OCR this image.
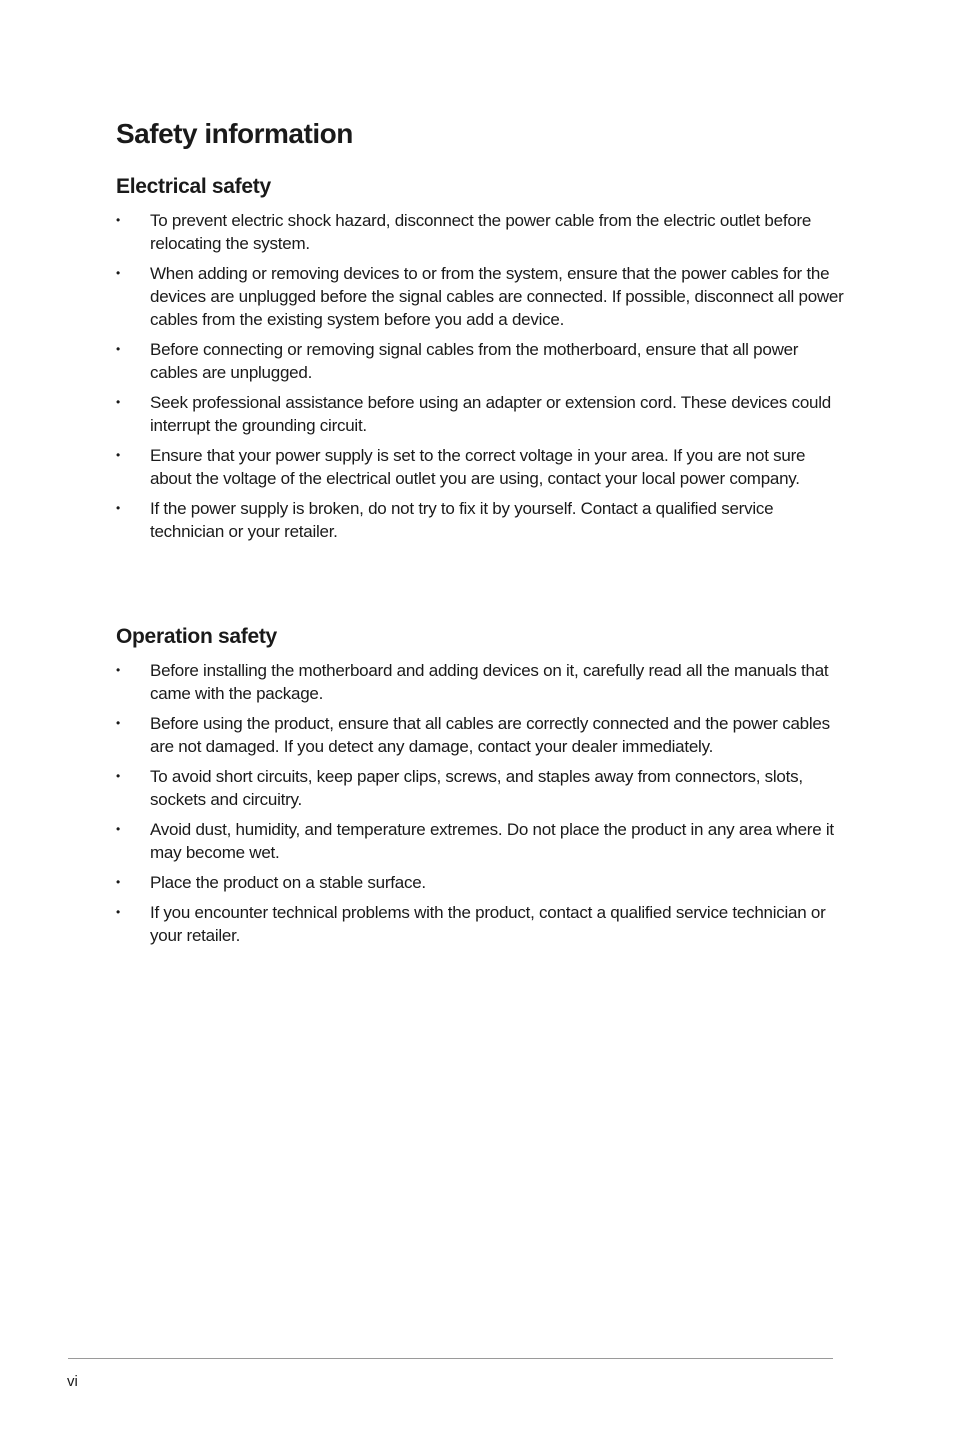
Safety information
Electrical safety
• To prevent electric shock hazard, disconnect the power cable from the electric outlet before relocating the system.
• When adding or removing devices to or from the system, ensure that the power cables for the devices are unplugged before the signal cables are connected. If possible, disconnect all power cables from the existing system before you add a device.
• Before connecting or removing signal cables from the motherboard, ensure that all power cables are unplugged.
• Seek professional assistance before using an adapter or extension cord. These devices could interrupt the grounding circuit.
• Ensure that your power supply is set to the correct voltage in your area. If you are not sure about the voltage of the electrical outlet you are using, contact your local power company.
• If the power supply is broken, do not try to fix it by yourself. Contact a qualified service technician or your retailer.
Operation safety
• Before installing the motherboard and adding devices on it, carefully read all the manuals that came with the package.
• Before using the product, ensure that all cables are correctly connected and the power cables are not damaged. If you detect any damage, contact your dealer immediately.
• To avoid short circuits, keep paper clips, screws, and staples away from connectors, slots, sockets and circuitry.
• Avoid dust, humidity, and temperature extremes. Do not place the product in any area where it may become wet.
• Place the product on a stable surface.
• If you encounter technical problems with the product, contact a qualified service technician or your retailer.
vi
